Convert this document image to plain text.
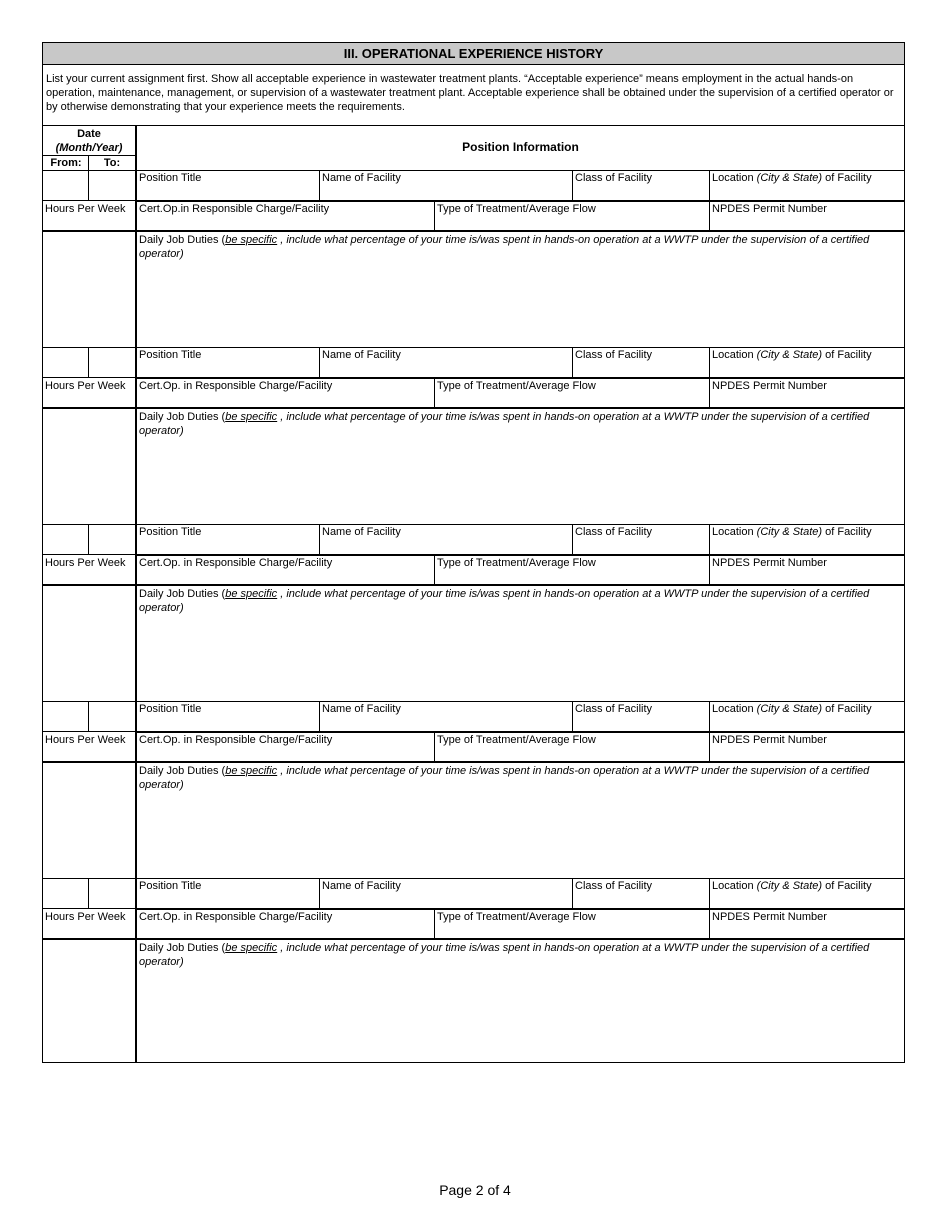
III. OPERATIONAL EXPERIENCE HISTORY
List your current assignment first. Show all acceptable experience in wastewater treatment plants. “Acceptable experience” means employment in the actual hands-on operation, maintenance, management, or supervision of a wastewater treatment plant. Acceptable experience shall be obtained under the supervision of a certified operator or by otherwise demonstrating that your experience meets the requirements.
Date
(Month/Year)
From:	To:
Position Information
Position Title	Name of Facility	Class of Facility	Location (City & State) of Facility
Hours Per Week	Cert.Op.in Responsible Charge/Facility	Type of Treatment/Average Flow	NPDES Permit Number
Daily Job Duties (be specific , include what percentage of your time is/was spent in hands-on operation at a WWTP under the supervision of a certified operator)
Position Title	Name of Facility	Class of Facility	Location (City & State) of Facility
Hours Per Week	Cert.Op. in Responsible Charge/Facility	Type of Treatment/Average Flow	NPDES Permit Number
Daily Job Duties (be specific , include what percentage of your time is/was spent in hands-on operation at a WWTP under the supervision of a certified operator)
Position Title	Name of Facility	Class of Facility	Location (City & State) of Facility
Hours Per Week	Cert.Op. in Responsible Charge/Facility	Type of Treatment/Average Flow	NPDES Permit Number
Daily Job Duties (be specific , include what percentage of your time is/was spent in hands-on operation at a WWTP under the supervision of a certified operator)
Position Title	Name of Facility	Class of Facility	Location (City & State) of Facility
Hours Per Week	Cert.Op. in Responsible Charge/Facility	Type of Treatment/Average Flow	NPDES Permit Number
Daily Job Duties (be specific , include what percentage of your time is/was spent in hands-on operation at a WWTP under the supervision of a certified operator)
Position Title	Name of Facility	Class of Facility	Location (City & State) of Facility
Hours Per Week	Cert.Op. in Responsible Charge/Facility	Type of Treatment/Average Flow	NPDES Permit Number
Daily Job Duties (be specific , include what percentage of your time is/was spent in hands-on operation at a WWTP under the supervision of a certified operator)
Page 2 of 4
